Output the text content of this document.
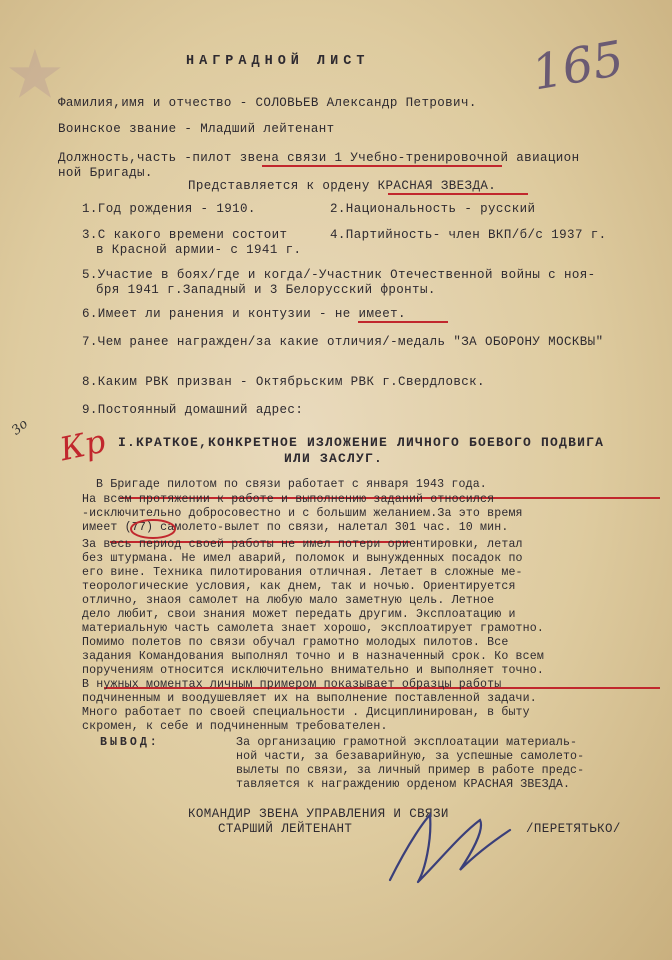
★	165
НАГРАДНОЙ ЛИСТ
Фамилия,имя и отчество - СОЛОВЬЕВ Александр Петрович.
Воинское звание - Младший лейтенант
Должность,часть -пилот звена связи 1 Учебно-тренировочной авиацион
ной Бригады.
Представляется к ордену КРАСНАЯ ЗВЕЗДА.
1.Год рождения - 1910.	2.Национальность - русский
3.С какого времени состоит	4.Партийность- член ВКП/б/с 1937 г.
в Красной армии- с 1941 г.
5.Участие в боях/где и когда/-Участник Отечественной войны с ноя-
бря 1941 г.Западный и 3 Белорусский фронты.
6.Имеет ли ранения и контузии - не имеет.
7.Чем ранее награжден/за какие отличия/-медаль "ЗА ОБОРОНУ МОСКВЫ"
8.Каким РВК призван - Октябрьским РВК г.Свердловск.
9.Постоянный домашний адрес:
3о Кр I.КРАТКОЕ,КОНКРЕТНОЕ ИЗЛОЖЕНИЕ ЛИЧНОГО БОЕВОГО ПОДВИГА
ИЛИ ЗАСЛУГ.
В Бригаде пилотом по связи работает с января 1943 года.
На всем протяжении к работе и выполнению заданий относился
-исключительно добросовестно и с большим желанием.За это время
имеет (77) самолето-вылет по связи, налетал 301 час. 10 мин.
За весь период своей работы не имел потери ориентировки, летал
без штурмана. Не имел аварий, поломок и вынужденных посадок по
его вине. Техника пилотирования отличная. Летает в сложные ме-
теорологические условия, как днем, так и ночью. Ориентируется
отлично, знаоя самолет на любую мало заметную цель. Летное
дело любит, свои знания может передать другим. Эксплоатацию и
материальную часть самолета знает хорошо, эксплоатирует грамотно.
Помимо полетов по связи обучал грамотно молодых пилотов. Все
задания Командования выполнял точно и в назначенный срок. Ко всем
поручениям относится исключительно внимательно и выполняет точно.
В нужных моментах личным примером показывает образцы работы
подчиненным и воодушевляет их на выполнение поставленной задачи.
Много работает по своей специальности . Дисциплинирован, в быту
скромен, к себе и подчиненным требователен.
ВЫВОД:	За организацию грамотной эксплоатации материаль-
ной части, за безаварийную, за успешные самолето-
вылеты по связи, за личный пример в работе предс-
тавляется к награждению орденом КРАСНАЯ ЗВЕЗДА.
КОМАНДИР ЗВЕНА УПРАВЛЕНИЯ И СВЯЗИ
СТАРШИЙ ЛЕЙТЕНАНТ	/ПЕРЕТЯТЬКО/
